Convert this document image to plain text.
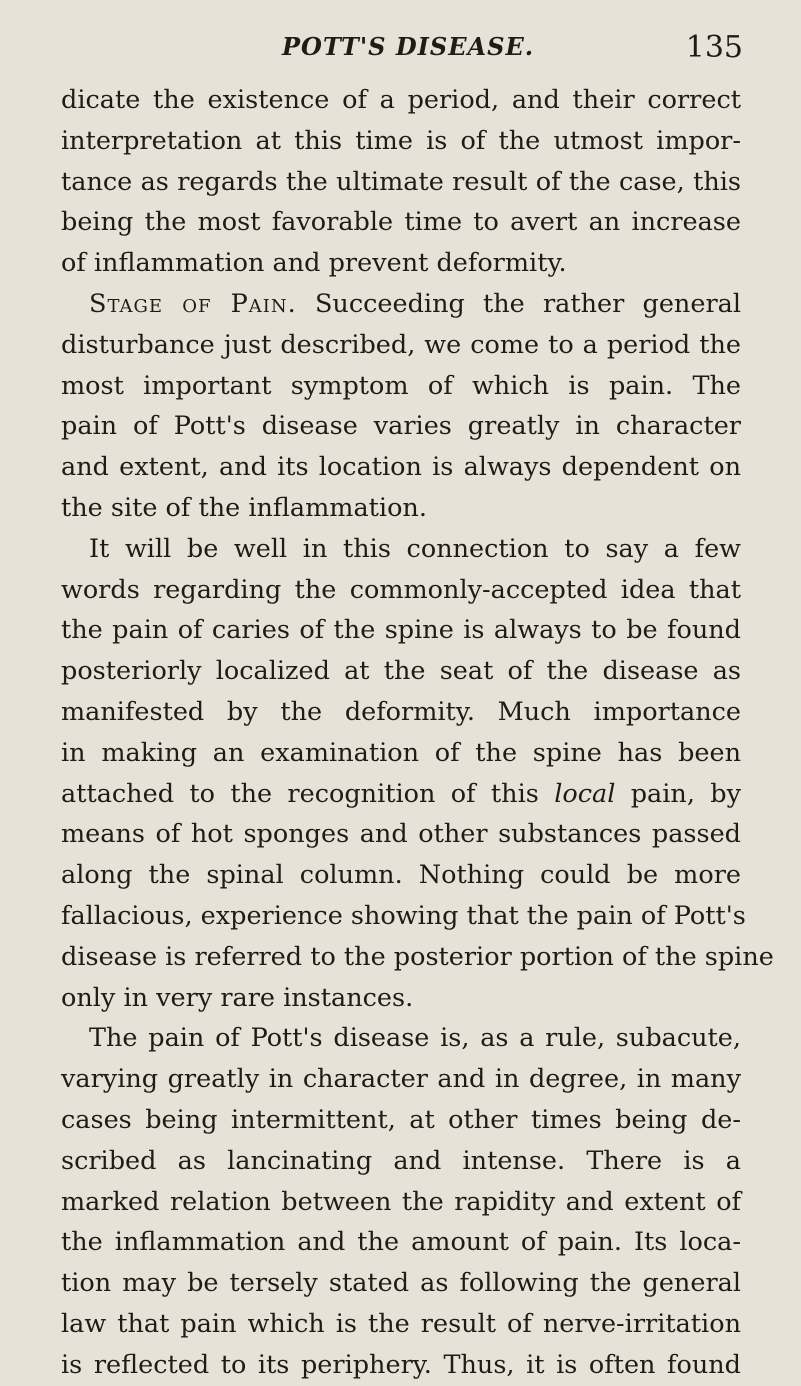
POTT'S DISEASE.	135
dicate the existence of a period, and their correct
interpretation at this time is of the utmost impor-
tance as regards the ultimate result of the case, this
being the most favorable time to avert an increase
of inflammation and prevent deformity.
Stage of Pain. Succeeding the rather general
disturbance just described, we come to a period the
most important symptom of which is pain. The
pain of Pott's disease varies greatly in character
and extent, and its location is always dependent on
the site of the inflammation.
It will be well in this connection to say a few
words regarding the commonly-accepted idea that
the pain of caries of the spine is always to be found
posteriorly localized at the seat of the disease as
manifested by the deformity. Much importance
in making an examination of the spine has been
attached to the recognition of this local pain, by
means of hot sponges and other substances passed
along the spinal column. Nothing could be more
fallacious, experience showing that the pain of Pott's
disease is referred to the posterior portion of the spine
only in very rare instances.
The pain of Pott's disease is, as a rule, subacute,
varying greatly in character and in degree, in many
cases being intermittent, at other times being de-
scribed as lancinating and intense. There is a
marked relation between the rapidity and extent of
the inflammation and the amount of pain. Its loca-
tion may be tersely stated as following the general
law that pain which is the result of nerve-irritation
is reflected to its periphery. Thus, it is often found
